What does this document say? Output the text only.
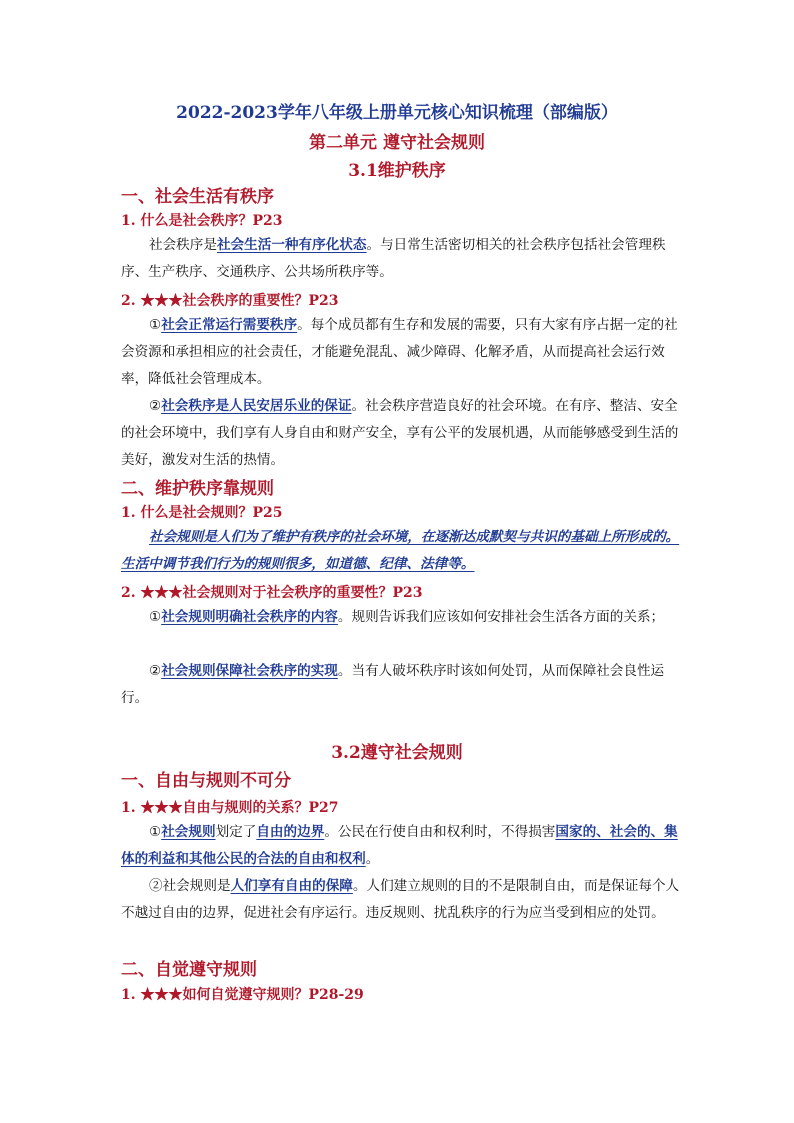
2022-2023学年八年级上册单元核心知识梳理（部编版）
第二单元 遵守社会规则
3.1维护秩序
一、社会生活有秩序
1. 什么是社会秩序？P23

社会秩序是社会生活一种有序化状态。与日常生活密切相关的社会秩序包括社会管理秩序、生产秩序、交通秩序、公共场所秩序等。

2. ★★★社会秩序的重要性？P23

①社会正常运行需要秩序。每个成员都有生存和发展的需要，只有大家有序占据一定的社会资源和承担相应的社会责任，才能避免混乱、减少障碍、化解矛盾，从而提高社会运行效率，降低社会管理成本。

②社会秩序是人民安居乐业的保证。社会秩序营造良好的社会环境。在有序、整洁、安全的社会环境中，我们享有人身自由和财产安全，享有公平的发展机遇，从而能够感受到生活的美好，激发对生活的热情。

二、维护秩序靠规则
1. 什么是社会规则？P25

社会规则是人们为了维护有秩序的社会环境，在逐渐达成默契与共识的基础上所形成的。生活中调节我们行为的规则很多，如道德、纪律、法律等。

2. ★★★社会规则对于社会秩序的重要性？P23

①社会规则明确社会秩序的内容。规则告诉我们应该如何安排社会生活各方面的关系；

②社会规则保障社会秩序的实现。当有人破坏秩序时该如何处罚，从而保障社会良性运行。

3.2遵守社会规则
一、自由与规则不可分
1. ★★★自由与规则的关系？P27

①社会规则划定了自由的边界。公民在行使自由和权利时，不得损害国家的、社会的、集体的利益和其他公民的合法的自由和权利。

②社会规则是人们享有自由的保障。人们建立规则的目的不是限制自由，而是保证每个人不越过自由的边界，促进社会有序运行。违反规则、扰乱秩序的行为应当受到相应的处罚。

二、自觉遵守规则
1. ★★★如何自觉遵守规则？P28-29
